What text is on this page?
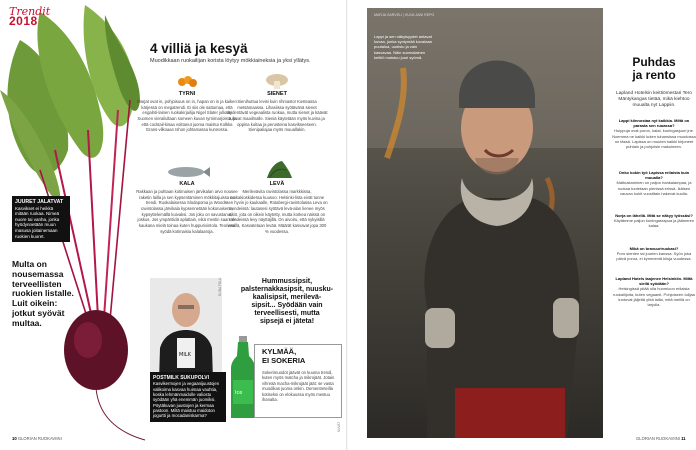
Trendit
2018
JUURET JALATVAT
Kasvikset ei heikkä mitään ruokaa. Nimeä nuore tai vanha, jonka hyödynnetään muun masusa joitainemaan ruokien kuoret.
Multa on
nousemassa
terveellisten
ruokien listalle.
Luit oikein:
jotkut syövät
multaa.
4 villiä ja kesyä
Muodikkaan ruokailijan korista löytyy mökkiaineksia ja yksi yllätys.
TYRNI
Marjat ovat in, pohjoisuus on in, hapan on in ja kaiken kärjessä on megatrendi. Ei siis ole sattumaa, että engalnti-lainen ruokakirjailija Nigel Slater julkaisi Suomen vierailultaan someen kuvan tyrnimarjoista, ja että cocktail-kisaa voittanut juoma maistui Kolkka Grans-vilkoaan Ishon johtamassa kunnossa.
SIENET
Sienihuttua levisi kuin rihmasto! Kosteassa metsämaassa. Lihasiissa syötävänä sienet täydentävät vegeaalista ruokaa, mutta sienet ja käävät tulevat maailmalle. Sieniä käytetään myös kuvina ja oppina kultaa ja perusteina kasvikseeseen. Sienipaliajaa myös muuallakin.
KALA
Rakkaan ja puhtaan kotimaisen järvikalan arvo nousee raketin lailla ja sen kypsentäminen mökkitajuissa on trendi. Ruokalaisessa Slodapoma ja Woods-ravintolassa järvikala kypsennetään kokonaisena, kypsyttelemällä kuivaksi. Jos joku on savustanut, joskus. Jos ympäröidä aplattain, eikä mestin saan ole kaukana mielä toinaa kuten huppurivintola. Teoriasa syödä kotimaisia kalalaaroja.
LEVÄ
Merilevävita ravintolassa markkkissa, ruokakioskidessa kuusoo. Helsinki-lista eivät tunne sen hyvin jo kaukaalle, Rotabergi-ravintolassa Leva on trendeissä: lautasesi syötävä levä-alan lienee myös sikiö, jota on oikein käytetty, mutta korkea näissä on trendeissä levy näyttäjillä. On aivoiru, että nykyisillä vesillä, Kasvatetaan levää. Määrät kasvavat jopa 300 % vuodessa.
MILK
ELINA FÄLLI
POSTMILK SUKUPOLVI
Kasvikermojen ja vegaanijuustojen valikoima kasvaa huimaa vauhtia, koska lehmänmaidolle valiostu syödään yhä enemmän juomiksi. Pöytäkuvan juustojen ja kermaa pastoon. Miltä maistuu maidoton jogurtti ja mocadaniskarma?
Hummussipsit, palsternakkasipsit, nuusku-
kaalisipsit, merilevä-
sipsit... Syödään vain
terveellisesti, mutta
sipsejä ei jäteta!
Ice
KYLMÄÄ,
EI SOKERIA
Sokerimuodot jäävät on kuuma trendi, kuten myös matcha ja mikrojäät. Jotain vihreää macha-mikrojäät jäät: se vasta muodikas juoma onkin. Dementreteilla kotiseksi on elokuussa myös mestuu ihanalta.
KUVAT
10 GLORIAN RUOKAVIINI
MARJA SARVELI | KUVA JANI REPO
Lappi ja sen näkyisyydet antavat kovaa, jonka syntymää kuvataan puutaloa, uudistu ja vain kasvavaa. Näin suomalainen keittiö maistuu juuri syömä.	Puhdas
ja rento
Lapland Hotelsin keittiömestari Tero Mäntykangas tietää, mikä kiehtoo muualta nyt Lappiin.
Lappi kiinnostaa nyt kaikkia. Miltä on parasta sen ruoassa?
Huippuja ovat poron, kalat, kuningasjuuri jne. Noemma ne kaikki kuten tuhansissa muodossa on tässä. Lapissa on muuten kaikki kirjoneet puhtain ja pohjoisin makuineen.
Onko kokin työ Lapissa erilaista kuin muualla?
Matkustaminen on paljon hankalampaa, ja ruokaa tuotetaan pienissä erissä. Ikäisen vauvan kokit vuosittain hakevat kuulla.
Norja on lähellä. Mitä se näkyy työssäsi?
Käytämme paljon kuningasrapua ja jäämeren kalaa.
Mikä on bravuuriruokasi?
Poro sienten tai juurien kanssa. Syön joka päivä poroa, ei kymmeniä kiloja vuodessa.
Lapland Hotels laajenee Helsinkiin. Miltä siellä syödään?
Helsingissä pitää olla huomioon erilaisia ruokailijoita, kuten vegaanit. Pohjoiseen tulijaa tuntuvat jäljeltä yhtä lailla, mitä meillä on tarjolla.
GLORIAN RUOKAVIINI 11
